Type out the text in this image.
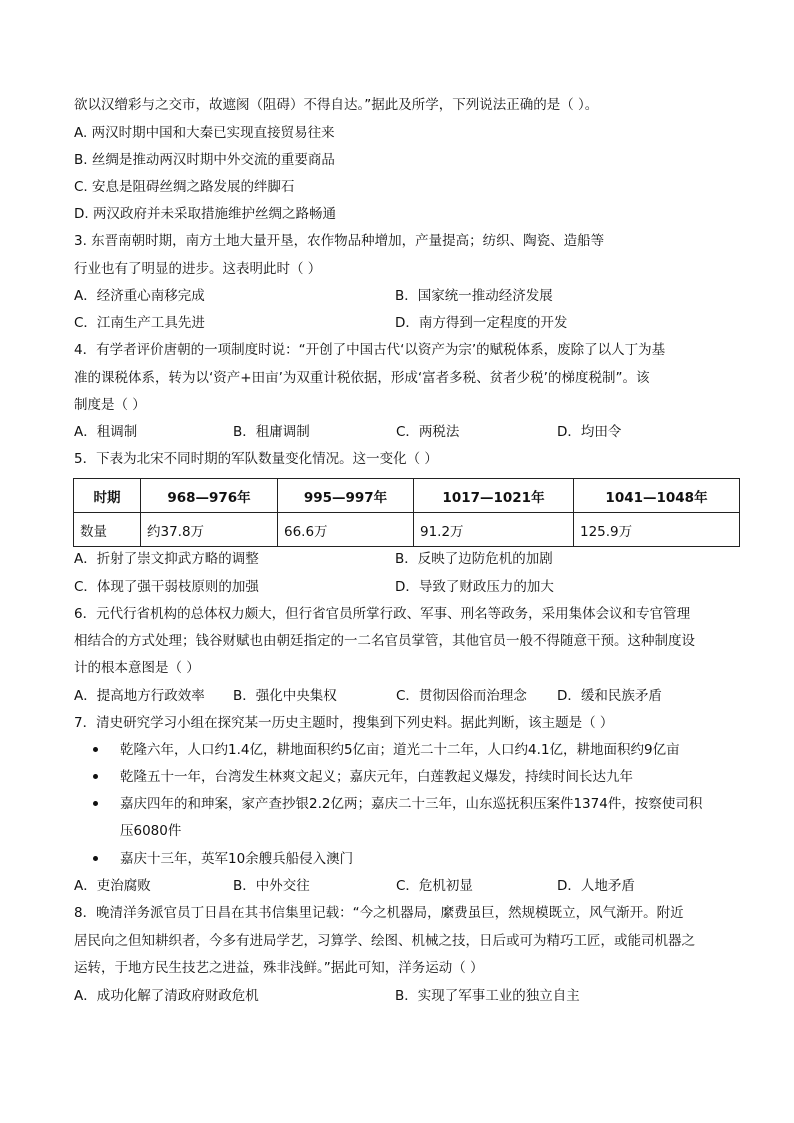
欲以汉缯彩与之交市，故遮阂（阻碍）不得自达。”据此及所学，下列说法正确的是（ ）。
A. 两汉时期中国和大秦已实现直接贸易往来
B. 丝绸是推动两汉时期中外交流的重要商品
C. 安息是阻碍丝绸之路发展的绊脚石
D. 两汉政府并未采取措施维护丝绸之路畅通
3. 东晋南朝时期，南方土地大量开垦，农作物品种增加，产量提高；纺织、陶瓷、造船等
行业也有了明显的进步。这表明此时（ ）
A．经济重心南移完成	B．国家统一推动经济发展
C．江南生产工具先进	D．南方得到一定程度的开发
4．有学者评价唐朝的一项制度时说：“开创了中国古代‘以资产为宗’的赋税体系，废除了以人丁为基
准的课税体系，转为以‘资产+田亩’为双重计税依据，形成‘富者多税、贫者少税’的梯度税制”。该
制度是（ ）
A．租调制	B．租庸调制	C．两税法	D．均田令
5．下表为北宋不同时期的军队数量变化情况。这一变化（ ）
时期	968—976年	995—997年	1017—1021年	1041—1048年
数量	约37.8万	66.6万	91.2万	125.9万
A．折射了崇文抑武方略的调整	B．反映了边防危机的加剧
C．体现了强干弱枝原则的加强	D．导致了财政压力的加大
6．元代行省机构的总体权力颇大，但行省官员所掌行政、军事、刑名等政务，采用集体会议和专官管理
相结合的方式处理；钱谷财赋也由朝廷指定的一二名官员掌管，其他官员一般不得随意干预。这种制度设
计的根本意图是（ ）
A．提高地方行政效率 B．强化中央集权	C．贯彻因俗而治理念 D．缓和民族矛盾
7．清史研究学习小组在探究某一历史主题时，搜集到下列史料。据此判断，该主题是（ ）
乾隆六年，人口约1.4亿，耕地面积约5亿亩；道光二十二年，人口约4.1亿，耕地面积约9亿亩
乾隆五十一年，台湾发生林爽文起义；嘉庆元年，白莲教起义爆发，持续时间长达九年
嘉庆四年的和珅案，家产查抄银2.2亿两；嘉庆二十三年，山东巡抚积压案件1374件，按察使司积
压6080件
嘉庆十三年，英军10余艘兵船侵入澳门
A．吏治腐败	B．中外交往	C．危机初显	D．人地矛盾
8．晚清洋务派官员丁日昌在其书信集里记载：“今之机器局，縻费虽巨，然规模既立，风气渐开。附近
居民向之但知耕织者，今多有进局学艺，习算学、绘图、机械之技，日后或可为精巧工匠，或能司机器之
运转，于地方民生技艺之进益，殊非浅鲜。”据此可知，洋务运动（ ）
A．成功化解了清政府财政危机	B．实现了军事工业的独立自主
